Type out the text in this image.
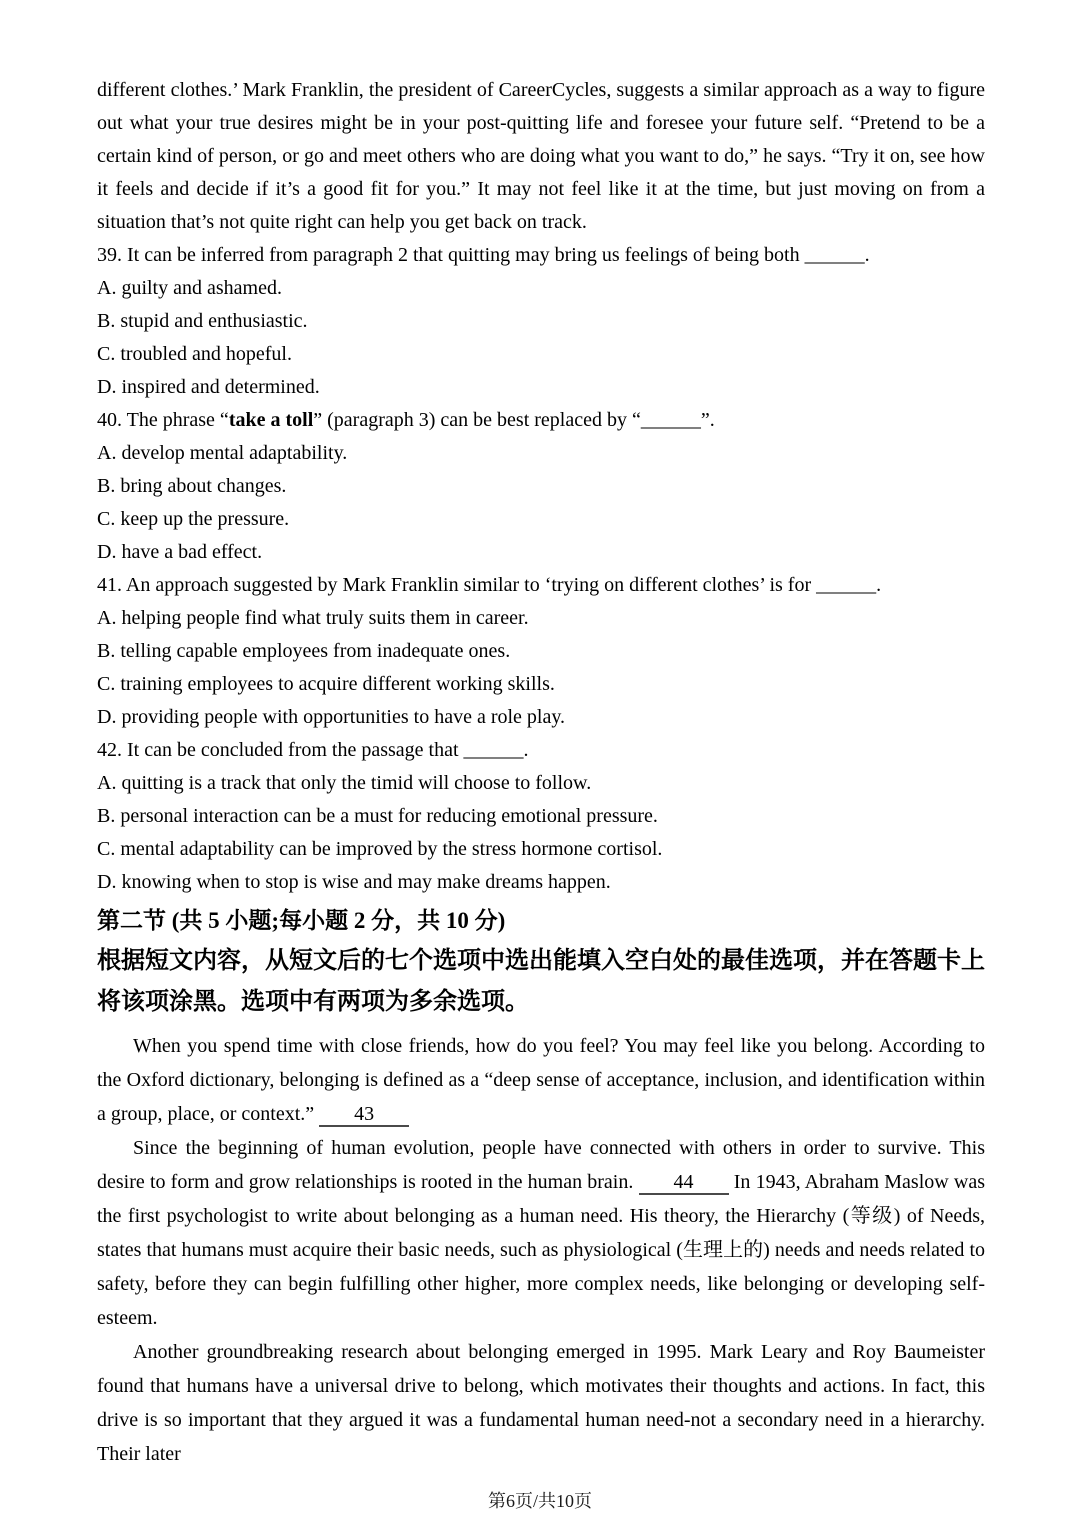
different clothes.’ Mark Franklin, the president of CareerCycles, suggests a similar approach as a way to figure out what your true desires might be in your post-quitting life and foresee your future self. “Pretend to be a certain kind of person, or go and meet others who are doing what you want to do,” he says. “Try it on, see how it feels and decide if it’s a good fit for you.” It may not feel like it at the time, but just moving on from a situation that’s not quite right can help you get back on track.

39. It can be inferred from paragraph 2 that quitting may bring us feelings of being both ______.
A. guilty and ashamed.
B. stupid and enthusiastic.
C. troubled and hopeful.
D. inspired and determined.
40. The phrase “take a toll” (paragraph 3) can be best replaced by “______”.
A. develop mental adaptability.
B. bring about changes.
C. keep up the pressure.
D. have a bad effect.
41. An approach suggested by Mark Franklin similar to ‘trying on different clothes’ is for ______.
A. helping people find what truly suits them in career.
B. telling capable employees from inadequate ones.
C. training employees to acquire different working skills.
D. providing people with opportunities to have a role play.
42. It can be concluded from the passage that ______.
A. quitting is a track that only the timid will choose to follow.
B. personal interaction can be a must for reducing emotional pressure.
C. mental adaptability can be improved by the stress hormone cortisol.
D. knowing when to stop is wise and may make dreams happen.
第二节 (共 5 小题;每小题 2 分，共 10 分)

根据短文内容，从短文后的七个选项中选出能填入空白处的最佳选项，并在答题卡上将该项涂黑。选项中有两项为多余选项。

When you spend time with close friends, how do you feel? You may feel like you belong. According to the Oxford dictionary, belonging is defined as a “deep sense of acceptance, inclusion, and identification within a group, place, or context.” 43

Since the beginning of human evolution, people have connected with others in order to survive. This desire to form and grow relationships is rooted in the human brain. 44 In 1943, Abraham Maslow was the first psychologist to write about belonging as a human need. His theory, the Hierarchy (等级) of Needs, states that humans must acquire their basic needs, such as physiological (生理上的) needs and needs related to safety, before they can begin fulfilling other higher, more complex needs, like belonging or developing self-esteem.

Another groundbreaking research about belonging emerged in 1995. Mark Leary and Roy Baumeister found that humans have a universal drive to belong, which motivates their thoughts and actions. In fact, this drive is so important that they argued it was a fundamental human need-not a secondary need in a hierarchy. Their later

第6页/共10页
